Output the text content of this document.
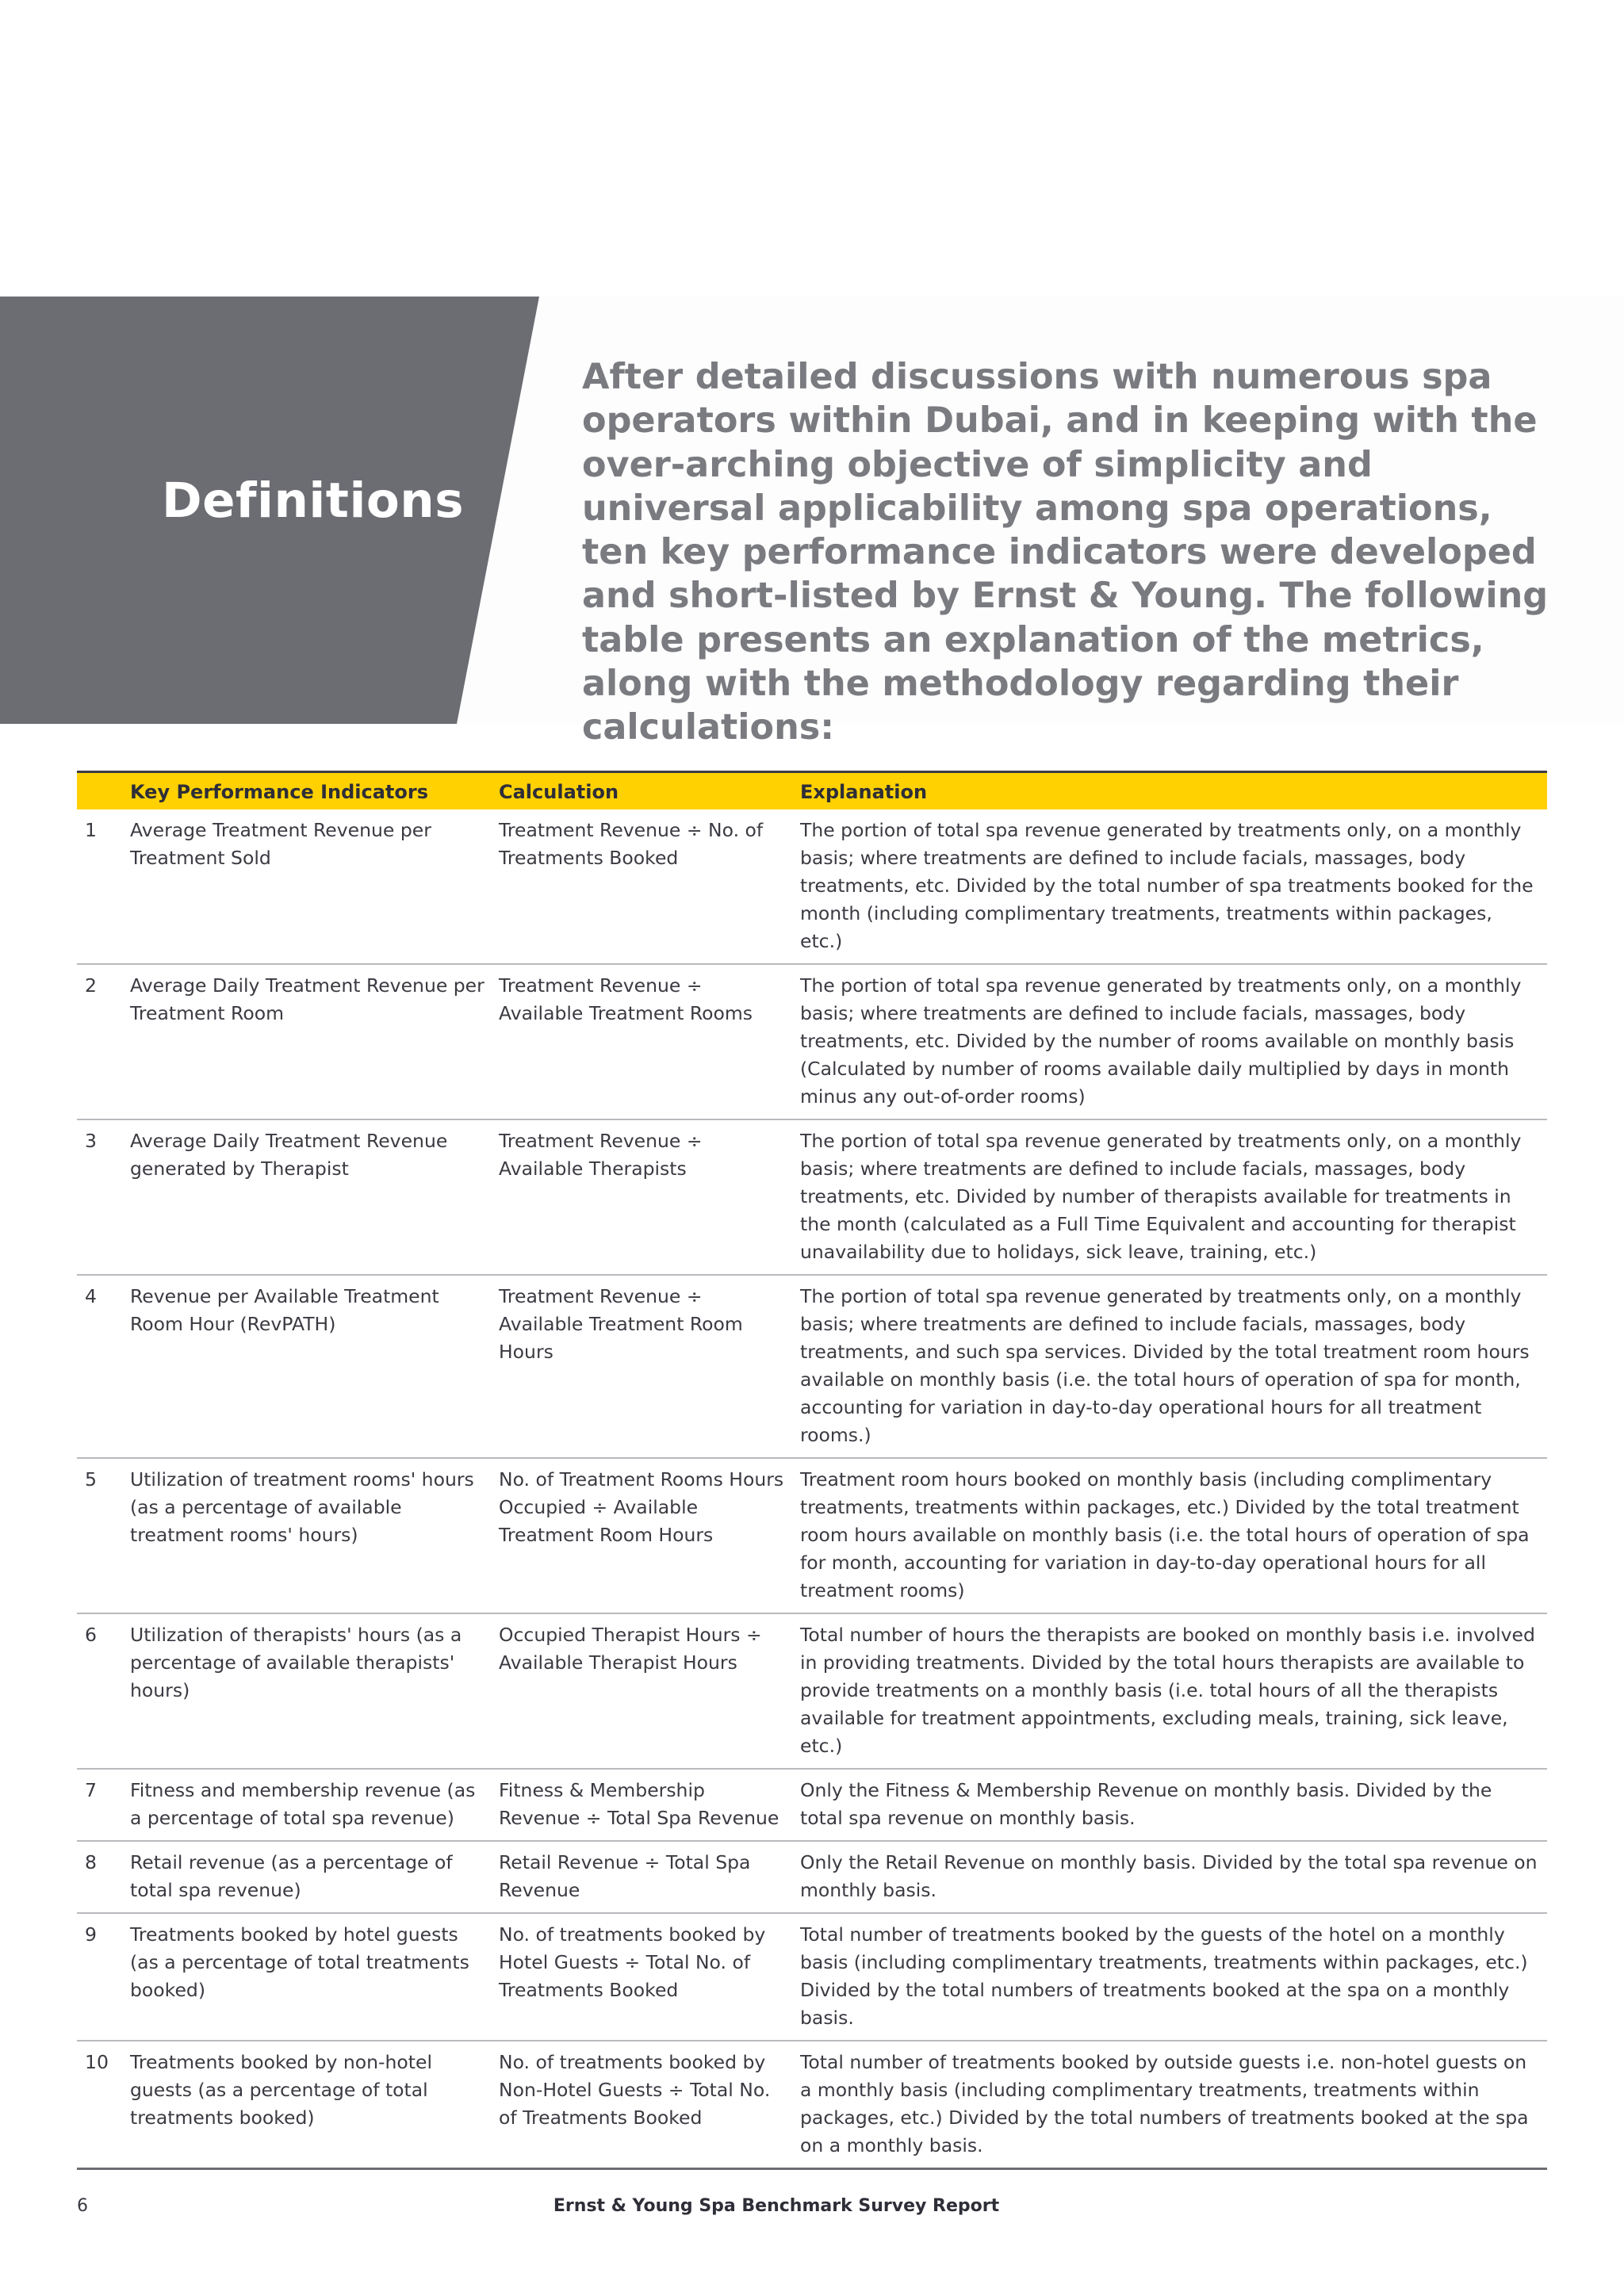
Definitions
After detailed discussions with numerous spa operators within Dubai, and in keeping with the over-arching objective of simplicity and universal applicability among spa operations, ten key performance indicators were developed and short-listed by Ernst & Young. The following table presents an explanation of the metrics, along with the methodology regarding their calculations:
	Key Performance Indicators	Calculation	Explanation
1	Average Treatment Revenue per Treatment Sold	Treatment Revenue ÷ No. of Treatments Booked	The portion of total spa revenue generated by treatments only, on a monthly basis; where treatments are defined to include facials, massages, body treatments, etc. Divided by the total number of spa treatments booked for the month (including complimentary treatments, treatments within packages, etc.)
2	Average Daily Treatment Revenue per Treatment Room	Treatment Revenue ÷ Available Treatment Rooms	The portion of total spa revenue generated by treatments only, on a monthly basis; where treatments are defined to include facials, massages, body treatments, etc. Divided by the number of rooms available on monthly basis (Calculated by number of rooms available daily multiplied by days in month minus any out-of-order rooms)
3	Average Daily Treatment Revenue generated by Therapist	Treatment Revenue ÷ Available Therapists	The portion of total spa revenue generated by treatments only, on a monthly basis; where treatments are defined to include facials, massages, body treatments, etc. Divided by number of therapists available for treatments in the month (calculated as a Full Time Equivalent and accounting for therapist unavailability due to holidays, sick leave, training, etc.)
4	Revenue per Available Treatment Room Hour (RevPATH)	Treatment Revenue ÷ Available Treatment Room Hours	The portion of total spa revenue generated by treatments only, on a monthly basis; where treatments are defined to include facials, massages, body treatments, and such spa services. Divided by the total treatment room hours available on monthly basis (i.e. the total hours of operation of spa for month, accounting for variation in day-to-day operational hours for all treatment rooms.)
5	Utilization of treatment rooms' hours (as a percentage of available treatment rooms' hours)	No. of Treatment Rooms Hours Occupied ÷ Available Treatment Room Hours	Treatment room hours booked on monthly basis (including complimentary treatments, treatments within packages, etc.) Divided by the total treatment room hours available on monthly basis (i.e. the total hours of operation of spa for month, accounting for variation in day-to-day operational hours for all treatment rooms)
6	Utilization of therapists' hours (as a percentage of available therapists' hours)	Occupied Therapist Hours ÷ Available Therapist Hours	Total number of hours the therapists are booked on monthly basis i.e. involved in providing treatments. Divided by the total hours therapists are available to provide treatments on a monthly basis (i.e. total hours of all the therapists available for treatment appointments, excluding meals, training, sick leave, etc.)
7	Fitness and membership revenue (as a percentage of total spa revenue)	Fitness & Membership Revenue ÷ Total Spa Revenue	Only the Fitness & Membership Revenue on monthly basis. Divided by the total spa revenue on monthly basis.
8	Retail revenue (as a percentage of total spa revenue)	Retail Revenue ÷ Total Spa Revenue	Only the Retail Revenue on monthly basis. Divided by the total spa revenue on monthly basis.
9	Treatments booked by hotel guests (as a percentage of total treatments booked)	No. of treatments booked by Hotel Guests ÷ Total No. of Treatments Booked	Total number of treatments booked by the guests of the hotel on a monthly basis (including complimentary treatments, treatments within packages, etc.) Divided by the total numbers of treatments booked at the spa on a monthly basis.
10	Treatments booked by non-hotel guests (as a percentage of total treatments booked)	No. of treatments booked by Non-Hotel Guests ÷ Total No. of Treatments Booked	Total number of treatments booked by outside guests i.e. non-hotel guests on a monthly basis (including complimentary treatments, treatments within packages, etc.) Divided by the total numbers of treatments booked at the spa on a monthly basis.
6	Ernst & Young Spa Benchmark Survey Report
